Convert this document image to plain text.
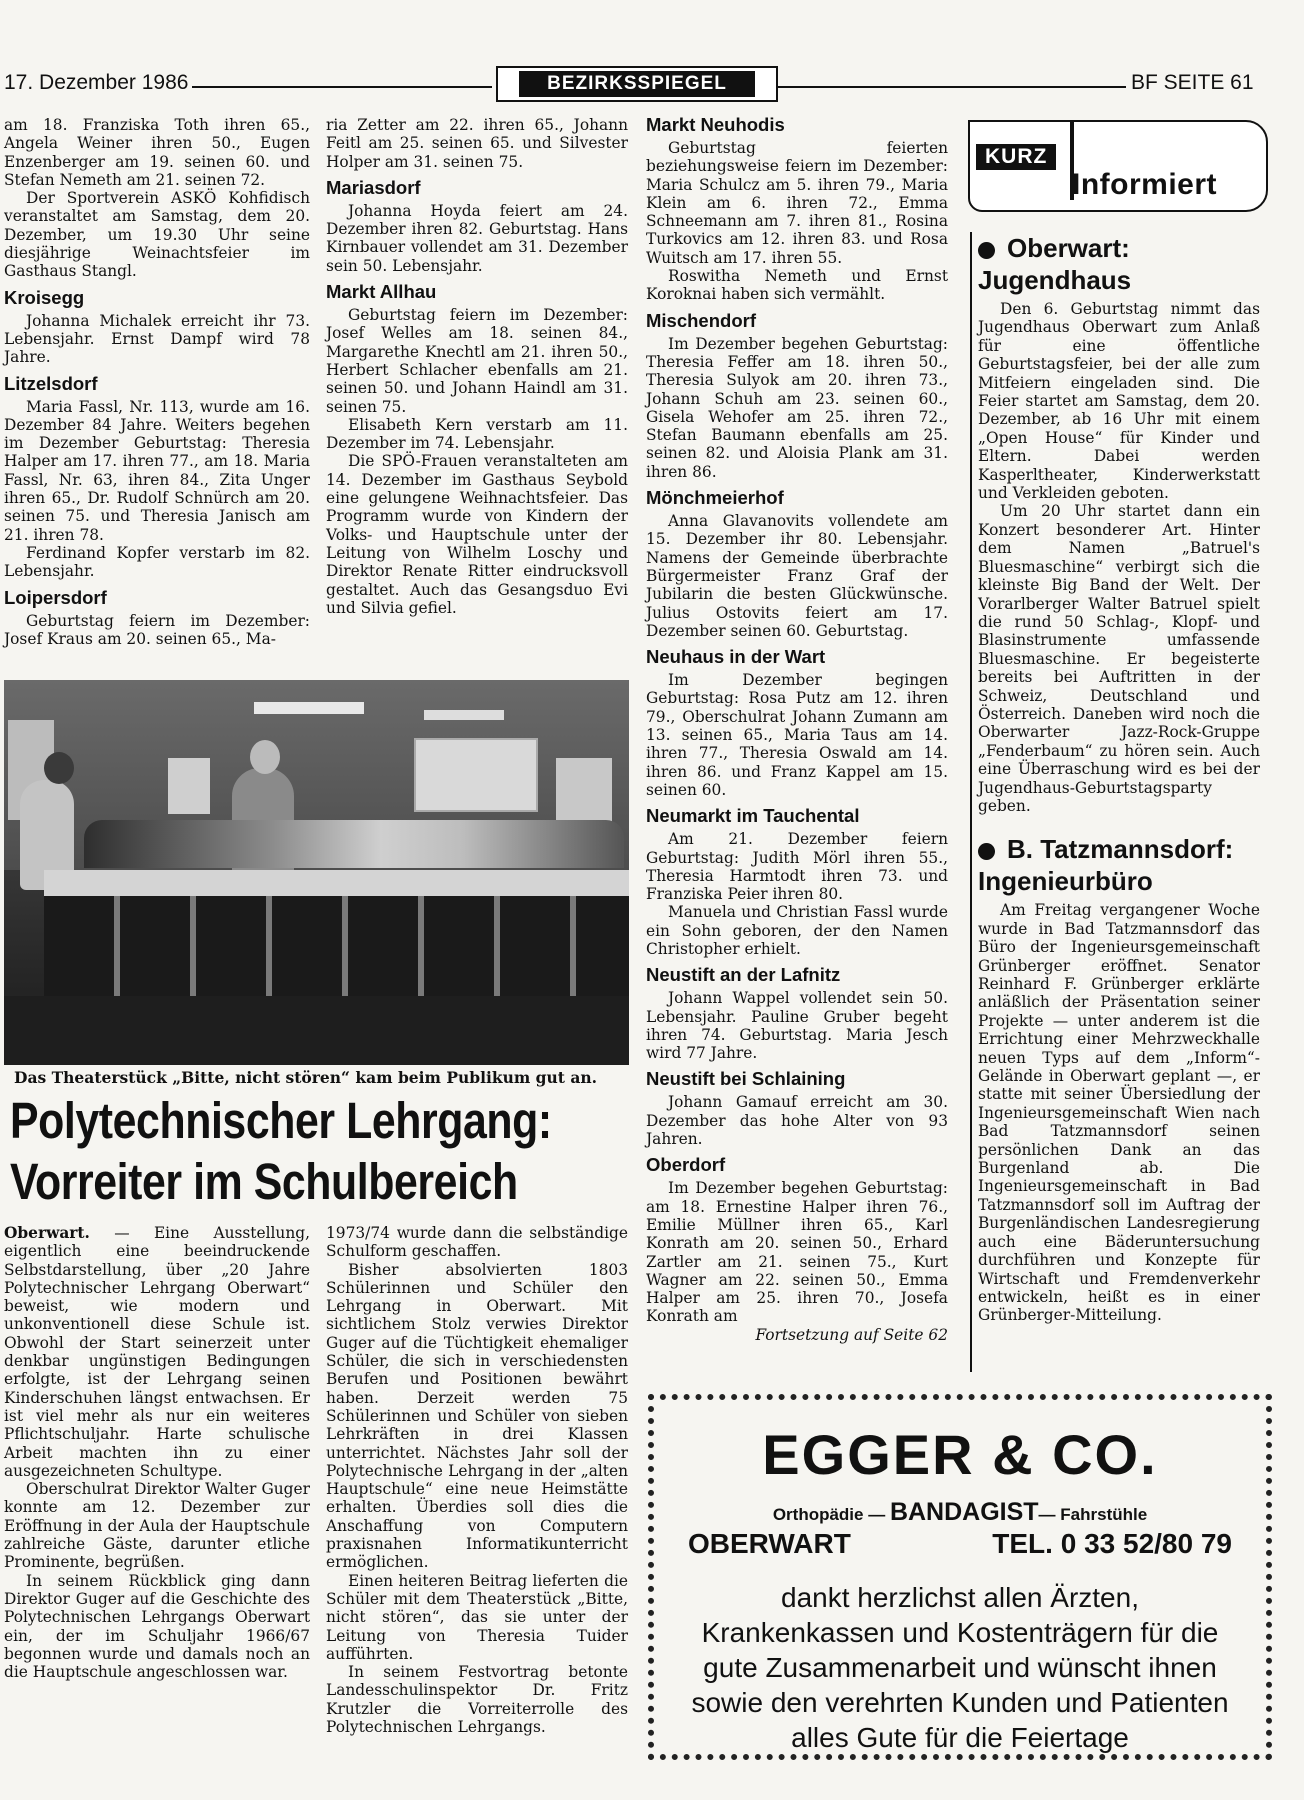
17. Dezember 1986	BEZIRKSSPIEGEL	BF SEITE 61

am 18. Franziska Toth ihren 65., Angela Weiner ihren 50., Eugen Enzenberger am 19. seinen 60. und Stefan Nemeth am 21. seinen 72.

Der Sportverein ASKÖ Kohfidisch veranstaltet am Samstag, dem 20. Dezember, um 19.30 Uhr seine diesjährige Weinachtsfeier im Gasthaus Stangl.

Kroisegg

Johanna Michalek erreicht ihr 73. Lebensjahr. Ernst Dampf wird 78 Jahre.

Litzelsdorf

Maria Fassl, Nr. 113, wurde am 16. Dezember 84 Jahre. Weiters begehen im Dezember Geburtstag: Theresia Halper am 17. ihren 77., am 18. Maria Fassl, Nr. 63, ihren 84., Zita Unger ihren 65., Dr. Rudolf Schnürch am 20. seinen 75. und Theresia Janisch am 21. ihren 78.

Ferdinand Kopfer verstarb im 82. Lebensjahr.

Loipersdorf

Geburtstag feiern im Dezember: Josef Kraus am 20. seinen 65., Ma-

ria Zetter am 22. ihren 65., Johann Feitl am 25. seinen 65. und Silvester Holper am 31. seinen 75.

Mariasdorf

Johanna Hoyda feiert am 24. Dezember ihren 82. Geburtstag. Hans Kirnbauer vollendet am 31. Dezember sein 50. Lebensjahr.

Markt Allhau

Geburtstag feiern im Dezember: Josef Welles am 18. seinen 84., Margarethe Knechtl am 21. ihren 50., Herbert Schlacher ebenfalls am 21. seinen 50. und Johann Haindl am 31. seinen 75.

Elisabeth Kern verstarb am 11. Dezember im 74. Lebensjahr.

Die SPÖ-Frauen veranstalteten am 14. Dezember im Gasthaus Seybold eine gelungene Weihnachtsfeier. Das Programm wurde von Kindern der Volks- und Hauptschule unter der Leitung von Wilhelm Loschy und Direktor Renate Ritter eindrucksvoll gestaltet. Auch das Gesangsduo Evi und Silvia gefiel.

Markt Neuhodis

Geburtstag feierten beziehungsweise feiern im Dezember: Maria Schulcz am 5. ihren 79., Maria Klein am 6. ihren 72., Emma Schneemann am 7. ihren 81., Rosina Turkovics am 12. ihren 83. und Rosa Wuitsch am 17. ihren 55.

Roswitha Nemeth und Ernst Koroknai haben sich vermählt.

Mischendorf

Im Dezember begehen Geburtstag: Theresia Feffer am 18. ihren 50., Theresia Sulyok am 20. ihren 73., Johann Schuh am 23. seinen 60., Gisela Wehofer am 25. ihren 72., Stefan Baumann ebenfalls am 25. seinen 82. und Aloisia Plank am 31. ihren 86.

Mönchmeierhof

Anna Glavanovits vollendete am 15. Dezember ihr 80. Lebensjahr. Namens der Gemeinde überbrachte Bürgermeister Franz Graf der Jubilarin die besten Glückwünsche. Julius Ostovits feiert am 17. Dezember seinen 60. Geburtstag.

Neuhaus in der Wart

Im Dezember begingen Geburtstag: Rosa Putz am 12. ihren 79., Oberschulrat Johann Zumann am 13. seinen 65., Maria Taus am 14. ihren 77., Theresia Oswald am 14. ihren 86. und Franz Kappel am 15. seinen 60.

Neumarkt im Tauchental

Am 21. Dezember feiern Geburtstag: Judith Mörl ihren 55., Theresia Harmtodt ihren 73. und Franziska Peier ihren 80.

Manuela und Christian Fassl wurde ein Sohn geboren, der den Namen Christopher erhielt.

Neustift an der Lafnitz

Johann Wappel vollendet sein 50. Lebensjahr. Pauline Gruber begeht ihren 74. Geburtstag. Maria Jesch wird 77 Jahre.

Neustift bei Schlaining

Johann Gamauf erreicht am 30. Dezember das hohe Alter von 93 Jahren.

Oberdorf

Im Dezember begehen Geburtstag: am 18. Ernestine Halper ihren 76., Emilie Müllner ihren 65., Karl Konrath am 20. seinen 50., Erhard Zartler am 21. seinen 75., Kurt Wagner am 22. seinen 50., Emma Halper am 25. ihren 70., Josefa Konrath am

Fortsetzung auf Seite 62
Das Theaterstück „Bitte, nicht stören“ kam beim Publikum gut an.
Polytechnischer Lehrgang:
Vorreiter im Schulbereich

Oberwart. — Eine Ausstellung, eigentlich eine beeindruckende Selbstdarstellung, über „20 Jahre Polytechnischer Lehrgang Oberwart“ beweist, wie modern und unkonventionell diese Schule ist. Obwohl der Start seinerzeit unter denkbar ungünstigen Bedingungen erfolgte, ist der Lehrgang seinen Kinderschuhen längst entwachsen. Er ist viel mehr als nur ein weiteres Pflichtschuljahr. Harte schulische Arbeit machten ihn zu einer ausgezeichneten Schultype.

Oberschulrat Direktor Walter Guger konnte am 12. Dezember zur Eröffnung in der Aula der Hauptschule zahlreiche Gäste, darunter etliche Prominente, begrüßen.

In seinem Rückblick ging dann Direktor Guger auf die Geschichte des Polytechnischen Lehrgangs Oberwart ein, der im Schuljahr 1966/67 begonnen wurde und damals noch an die Hauptschule angeschlossen war.

1973/74 wurde dann die selbständige Schulform geschaffen.

Bisher absolvierten 1803 Schülerinnen und Schüler den Lehrgang in Oberwart. Mit sichtlichem Stolz verwies Direktor Guger auf die Tüchtigkeit ehemaliger Schüler, die sich in verschiedensten Berufen und Positionen bewährt haben. Derzeit werden 75 Schülerinnen und Schüler von sieben Lehrkräften in drei Klassen unterrichtet. Nächstes Jahr soll der Polytechnische Lehrgang in der „alten Hauptschule“ eine neue Heimstätte erhalten. Überdies soll dies die Anschaffung von Computern praxisnahen Informatikunterricht ermöglichen.

Einen heiteren Beitrag lieferten die Schüler mit dem Theaterstück „Bitte, nicht stören“, das sie unter der Leitung von Theresia Tuider aufführten.

In seinem Festvortrag betonte Landesschulinspektor Dr. Fritz Krutzler die Vorreiterrolle des Polytechnischen Lehrgangs.

KURZ
Informiert
Oberwart:
Jugendhaus

Den 6. Geburtstag nimmt das Jugendhaus Oberwart zum Anlaß für eine öffentliche Geburtstagsfeier, bei der alle zum Mitfeiern eingeladen sind. Die Feier startet am Samstag, dem 20. Dezember, ab 16 Uhr mit einem „Open House“ für Kinder und Eltern. Dabei werden Kasperltheater, Kinderwerkstatt und Verkleiden geboten.

Um 20 Uhr startet dann ein Konzert besonderer Art. Hinter dem Namen „Batruel's Bluesmaschine“ verbirgt sich die kleinste Big Band der Welt. Der Vorarlberger Walter Batruel spielt die rund 50 Schlag-, Klopf- und Blasinstrumente umfassende Bluesmaschine. Er begeisterte bereits bei Auftritten in der Schweiz, Deutschland und Österreich. Daneben wird noch die Oberwarter Jazz-Rock-Gruppe „Fenderbaum“ zu hören sein. Auch eine Überraschung wird es bei der Jugendhaus-Geburtstagsparty geben.

B. Tatzmannsdorf:
Ingenieurbüro

Am Freitag vergangener Woche wurde in Bad Tatzmannsdorf das Büro der Ingenieursgemeinschaft Grünberger eröffnet. Senator Reinhard F. Grünberger erklärte anläßlich der Präsentation seiner Projekte — unter anderem ist die Errichtung einer Mehrzweckhalle neuen Typs auf dem „Inform“-Gelände in Oberwart geplant —, er statte mit seiner Übersiedlung der Ingenieursgemeinschaft Wien nach Bad Tatzmannsdorf seinen persönlichen Dank an das Burgenland ab. Die Ingenieursgemeinschaft in Bad Tatzmannsdorf soll im Auftrag der Burgenländischen Landesregierung auch eine Bäderuntersuchung durchführen und Konzepte für Wirtschaft und Fremdenverkehr entwickeln, heißt es in einer Grünberger-Mitteilung.

EGGER & CO.
Orthopädie — BANDAGIST— Fahrstühle
OBERWART	TEL. 0 33 52/80 79
dankt herzlichst allen Ärzten, Krankenkassen und Kostenträgern für die gute Zusammenarbeit und wünscht ihnen sowie den verehrten Kunden und Patienten alles Gute für die Feiertage
